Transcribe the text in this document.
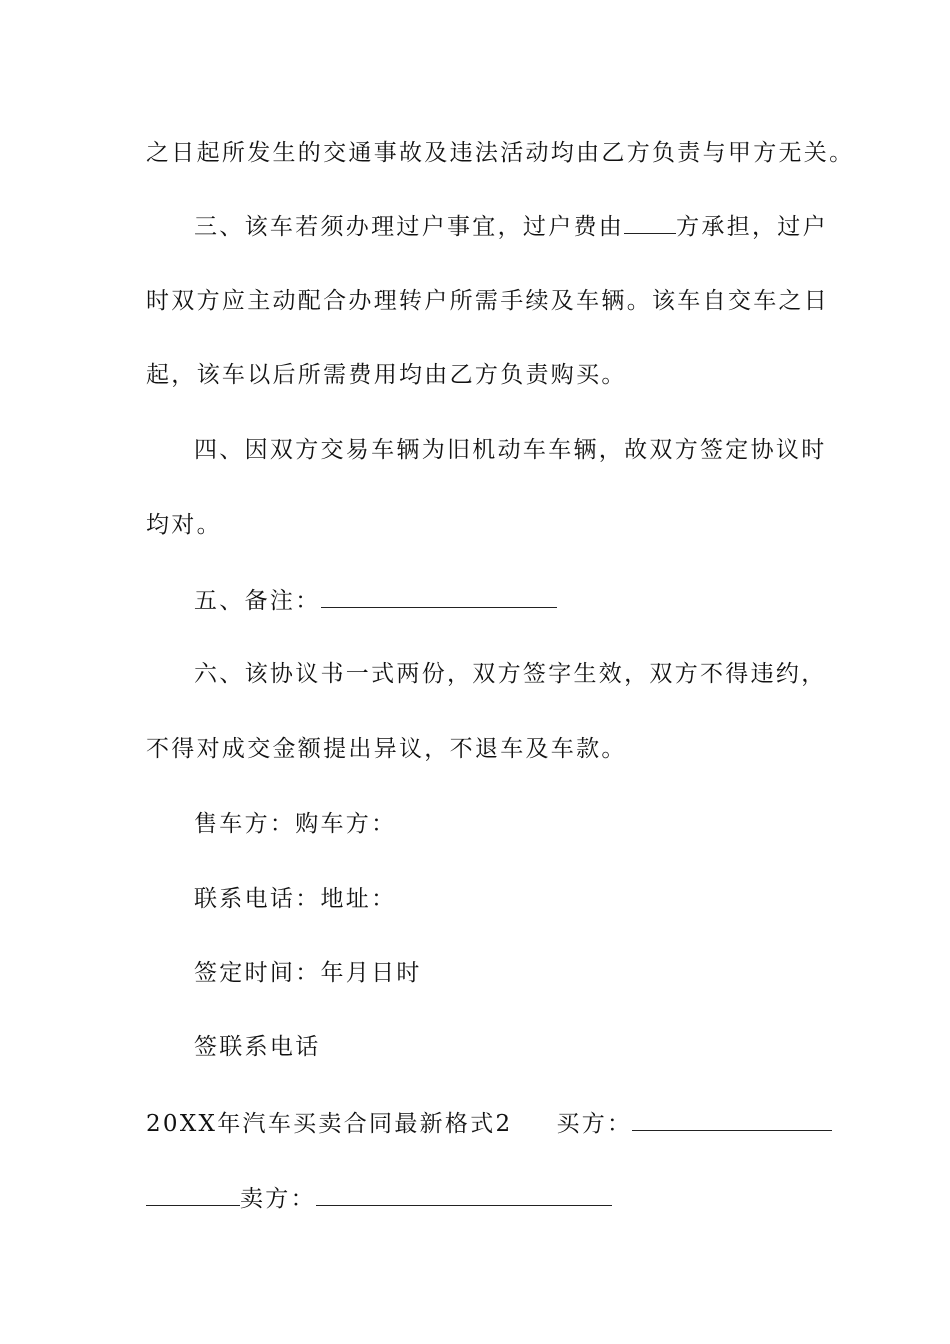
之日起所发生的交通事故及违法活动均由乙方负责与甲方无关。
三、该车若须办理过户事宜，过户费由 方承担，过户
时双方应主动配合办理转户所需手续及车辆。该车自交车之日
起，该车以后所需费用均由乙方负责购买。
四、因双方交易车辆为旧机动车车辆，故双方签定协议时
均对。
五、备注：
六、该协议书一式两份，双方签字生效，双方不得违约，
不得对成交金额提出异议，不退车及车款。
售车方：购车方：
联系电话：地址：
签定时间：年月日时
签联系电话
20XX年汽车买卖合同最新格式2 买方：
卖方：
